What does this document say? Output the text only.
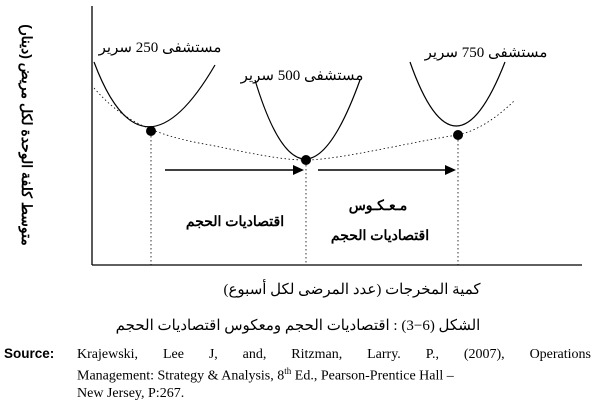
مستشفى 250 سرير
مستشفى 500 سرير
مستشفى 750 سرير
اقتصاديات الحجم
مـعـكـوس
اقتصاديات الحجم
كمية المخرجات (عدد المرضى لكل أسبوع)
متوسط كلفة الوحدة لكل مريض (دينار)
الشكل (6−3) : اقتصاديات الحجم ومعكوس اقتصاديات الحجم
Source:	Krajewski, Lee J, and, Ritzman, Larry. P., (2007), Operations
Management: Strategy & Analysis, 8th Ed., Pearson-Prentice Hall –
New Jersey, P:267.
